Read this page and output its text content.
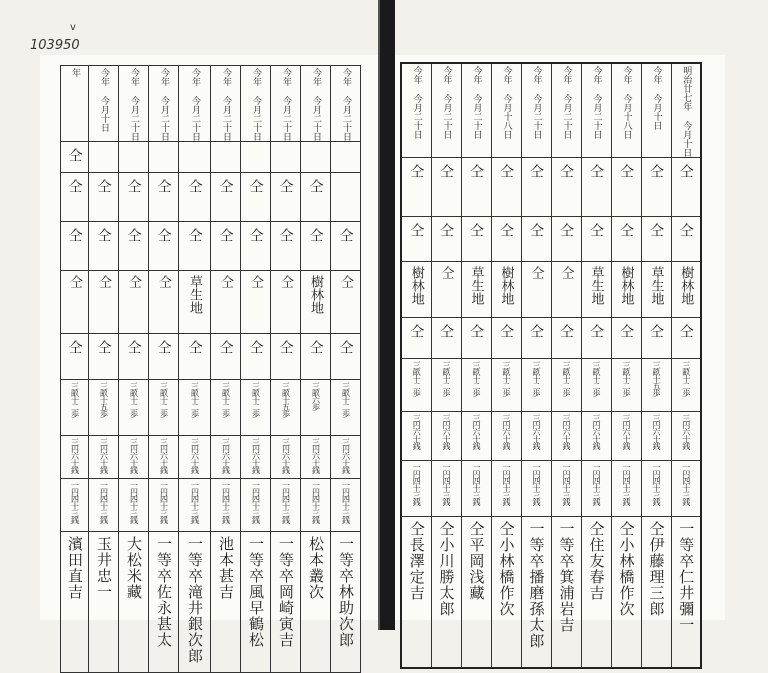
v
103950
年	今年 今月十日	今年 今月二十日	今年 今月二十日	今年 今月二十日	今年 今月二十日	今年 今月二十日	今年 今月二十日	今年 今月二十日	今年 今月二十日

仝									

仝	仝	仝	仝	仝	仝	仝	仝	仝	

仝	仝	仝	仝	仝	仝	仝	仝	仝	仝

仝	仝	仝	仝	草生地	仝	仝	仝	樹林地	仝

仝	仝	仝	仝	仝	仝	仝	仝	仝	仝

三畝十二歩	三畝十五歩	三畝十二歩	三畝十二歩	三畝十二歩	三畝十二歩	三畝十二歩	三畝十五歩	三畝六歩	三畝十二歩

三円六十銭	三円六十銭	三円六十銭	三円六十銭	三円六十銭	三円六十銭	三円六十銭	三円六十銭	三円六十銭	三円六十銭

一円四十三銭	一円四十三銭	一円四十三銭	一円四十三銭	一円四十三銭	一円四十三銭	一円四十三銭	一円四十三銭	一円四十三銭	一円四十三銭

濱田直吉	玉井忠一	大松米藏	一等卒佐永甚太	一等卒滝井銀次郎	池本甚吉	一等卒風早鶴松	一等卒岡崎寅吉	松本叢次	一等卒林助次郎
今年 今月二十日	今年 今月二十日	今年 今月二十日	今年 今月十八日	今年 今月二十日	今年 今月二十日	今年 今月二十日	今年 今月十八日	今年 今月十日	明治廿七年 今月十日

仝	仝	仝	仝	仝	仝	仝	仝	仝	仝

仝	仝	仝	仝	仝	仝	仝	仝	仝	仝

樹林地	仝	草生地	樹林地	仝	仝	草生地	樹林地	草生地	樹林地

仝	仝	仝	仝	仝	仝	仝	仝	仝	仝

三畝十二歩	三畝十二歩	三畝十二歩	三畝十二歩	三畝十二歩	三畝十二歩	三畝十二歩	三畝十二歩	三畝十五歩	三畝十二歩

三円六十銭	三円六十銭	三円六十銭	三円六十銭	三円六十銭	三円六十銭	三円六十銭	三円六十銭	三円六十銭	三円六十銭

一円四十三銭	一円四十三銭	一円四十三銭	一円四十三銭	一円四十三銭	一円四十三銭	一円四十三銭	一円四十三銭	一円四十三銭	一円四十三銭

仝長澤定吉	仝小川勝太郎	仝平岡浅藏	仝小林橋作次	一等卒播磨孫太郎	一等卒箕浦岩吉	仝住友春吉	仝小林橋作次	仝伊藤理三郎	一等卒仁井彌一
